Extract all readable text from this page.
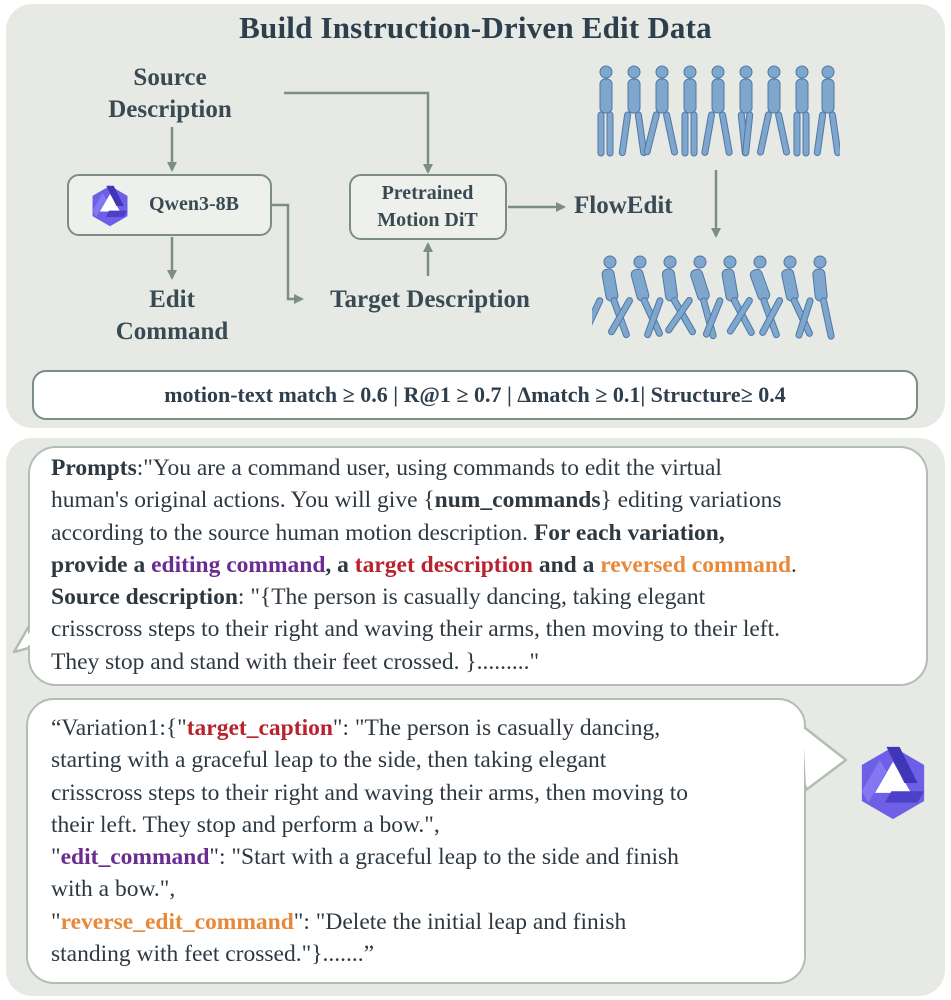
Build Instruction-Driven Edit Data
Source
Description
Qwen3-8B
Edit
Command
Pretrained
Motion DiT
Target Description
FlowEdit
motion-text match ≥ 0.6 | R@1 ≥ 0.7 | Δmatch ≥ 0.1| Structure≥ 0.4
Prompts:"You are a command user, using commands to edit the virtual
human's original actions. You will give {num_commands} editing variations
according to the source human motion description. For each variation,
provide a editing command, a target description and a reversed command.
Source description: "{The person is casually dancing, taking elegant
crisscross steps to their right and waving their arms, then moving to their left.
They stop and stand with their feet crossed. }........."
“Variation1:{"target_caption": "The person is casually dancing,
starting with a graceful leap to the side, then taking elegant
crisscross steps to their right and waving their arms, then moving to
their left. They stop and perform a bow.",
"edit_command": "Start with a graceful leap to the side and finish
with a bow.",
"reverse_edit_command": "Delete the initial leap and finish
standing with feet crossed."}.......”
